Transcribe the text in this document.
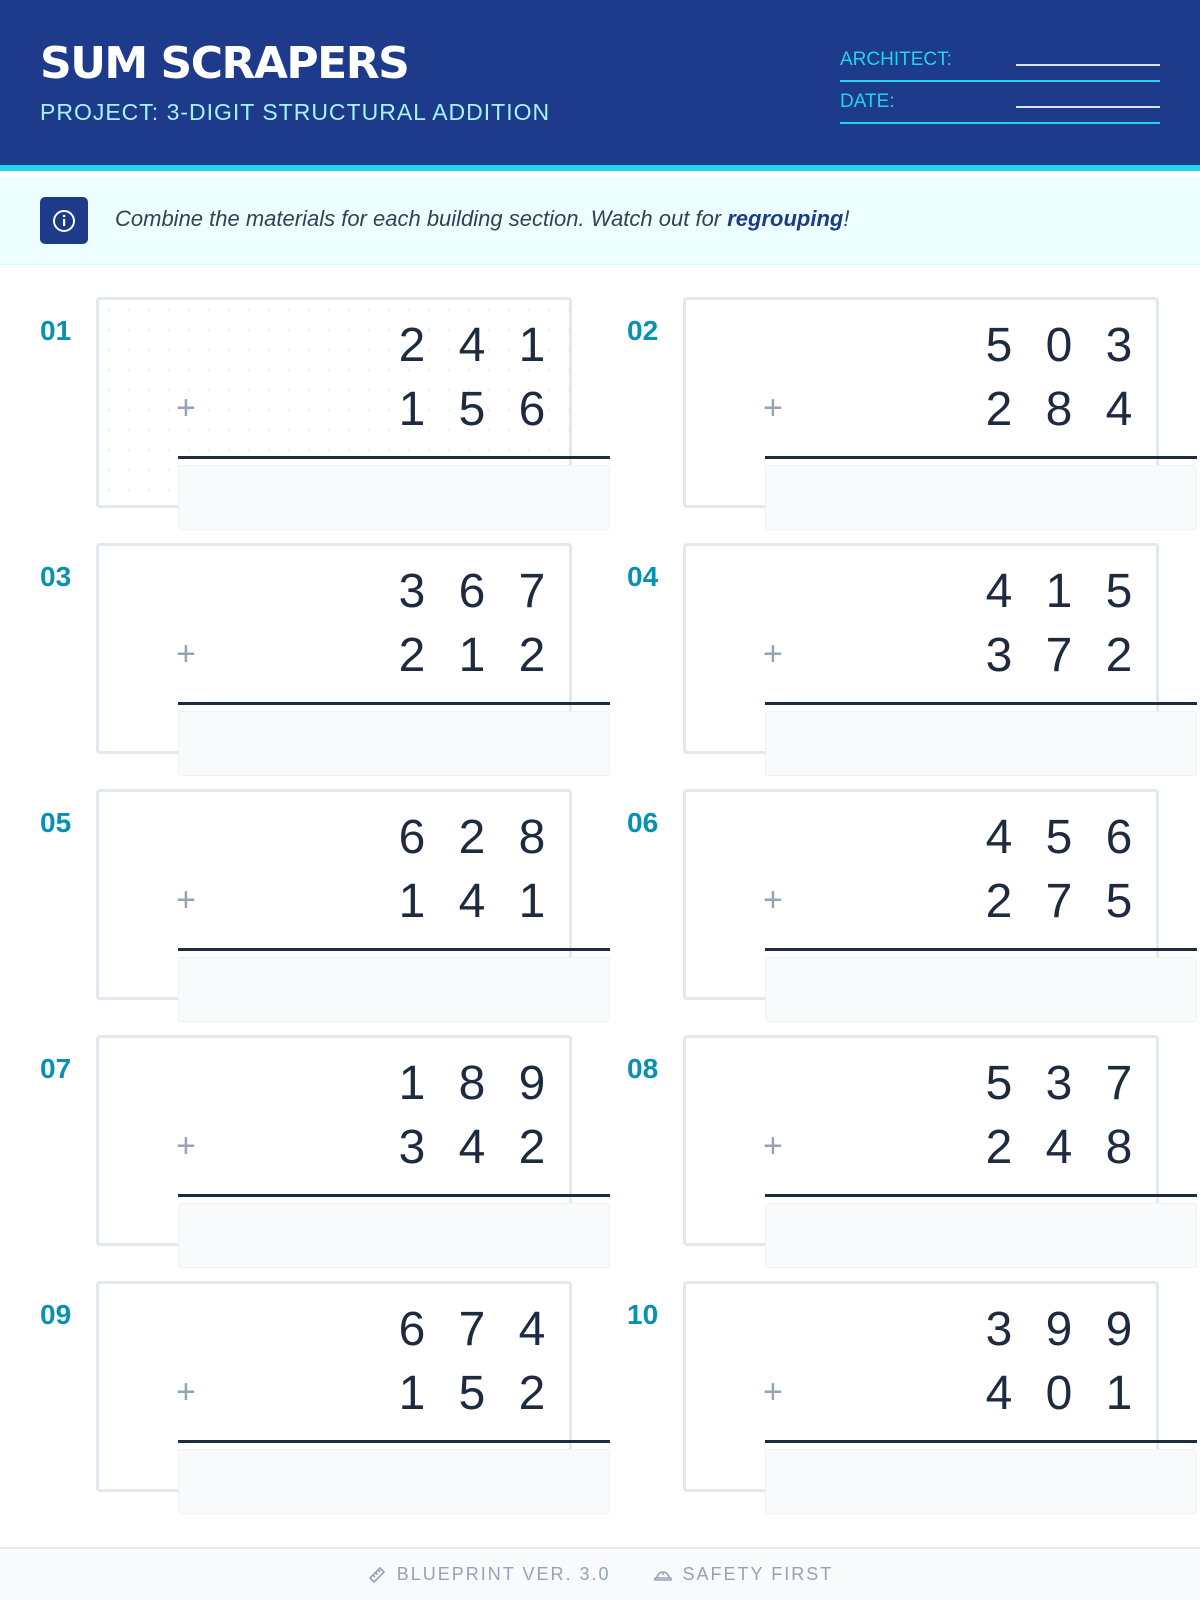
SUM SCRAPERS
PROJECT: 3-DIGIT STRUCTURAL ADDITION
ARCHITECT:
DATE:
Combine the materials for each building section. Watch out for regrouping!
01	2 4 1
1 5 6
+
02	5 0 3
2 8 4
+
03	3 6 7
2 1 2
+
04	4 1 5
3 7 2
+
05	6 2 8
1 4 1
+
06	4 5 6
2 7 5
+
07	1 8 9
3 4 2
+
08	5 3 7
2 4 8
+
09	6 7 4
1 5 2
+
10	3 9 9
4 0 1
+
BLUEPRINT VER. 3.0	SAFETY FIRST
